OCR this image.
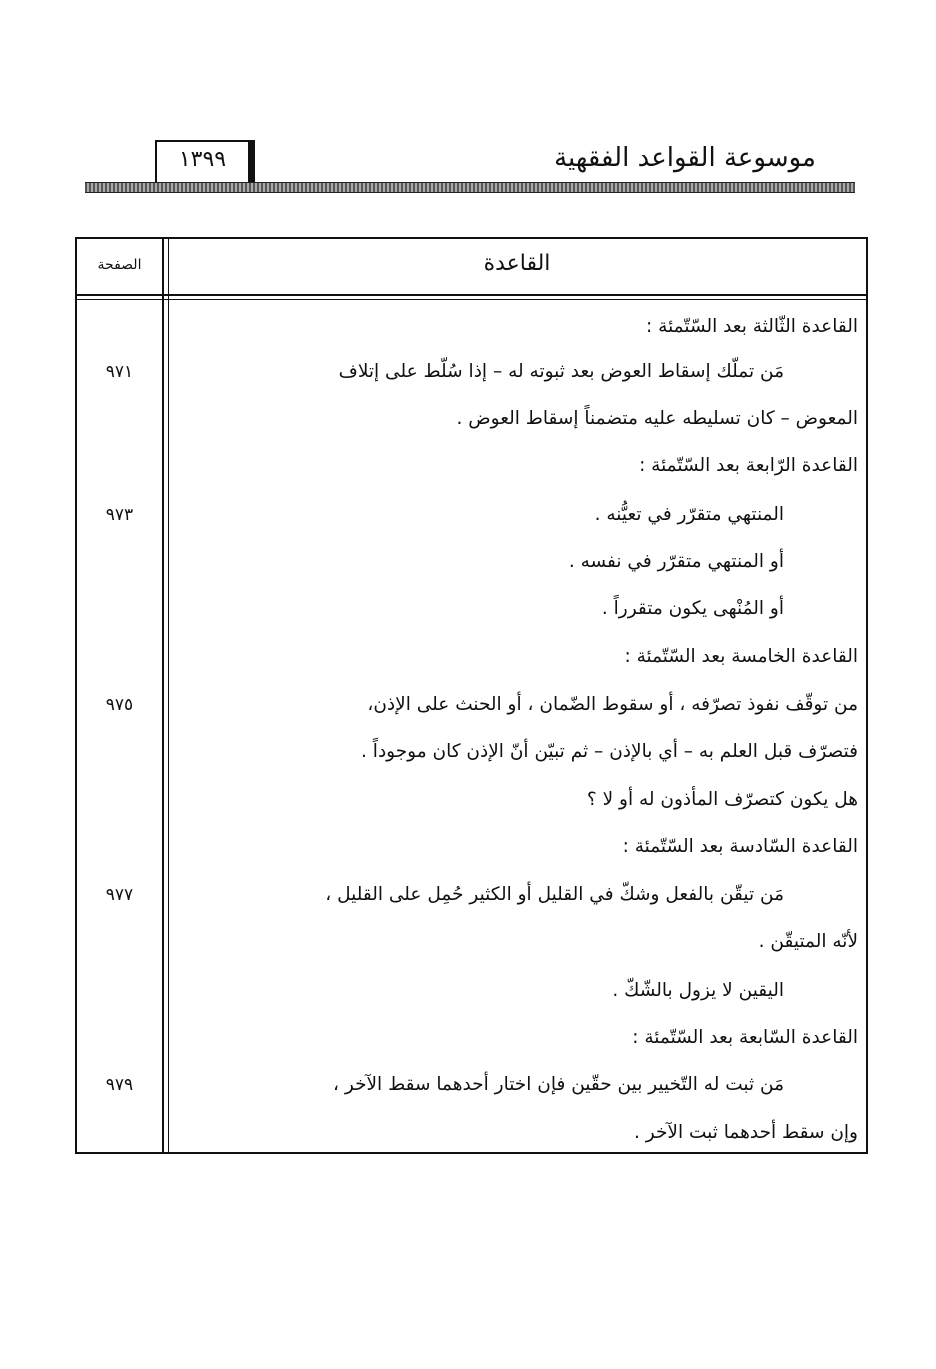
موسوعة القواعد الفقهية
١٣٩٩
الصفحة	القاعدة
القاعدة الثّالثة بعد السّتّمئة :
مَن تملّك إسقاط العوض بعد ثبوته له – إذا سُلّط على إتلاف
المعوض – كان تسليطه عليه متضمناً إسقاط العوض .
القاعدة الرّابعة بعد السّتّمئة :
المنتهي متقرّر في تعيُّنه .
أو المنتهي متقرّر في نفسه .
أو المُنْهى يكون متقرراً .
القاعدة الخامسة بعد السّتّمئة :
من توقّف نفوذ تصرّفه ، أو سقوط الضّمان ، أو الحنث على الإذن،
فتصرّف قبل العلم به – أي بالإذن – ثم تبيّن أنّ الإذن كان موجوداً .
هل يكون كتصرّف المأذون له أو لا ؟
القاعدة السّادسة بعد السّتّمئة :
مَن تيقّن بالفعل وشكّ في القليل أو الكثير حُمِل على القليل ،
لأنّه المتيقّن .
اليقين لا يزول بالشّكّ .
القاعدة السّابعة بعد السّتّمئة :
مَن ثبت له التّخيير بين حقّين فإن اختار أحدهما سقط الآخر ،
وإن سقط أحدهما ثبت الآخر .
٩٧١
٩٧٣
٩٧٥
٩٧٧
٩٧٩
